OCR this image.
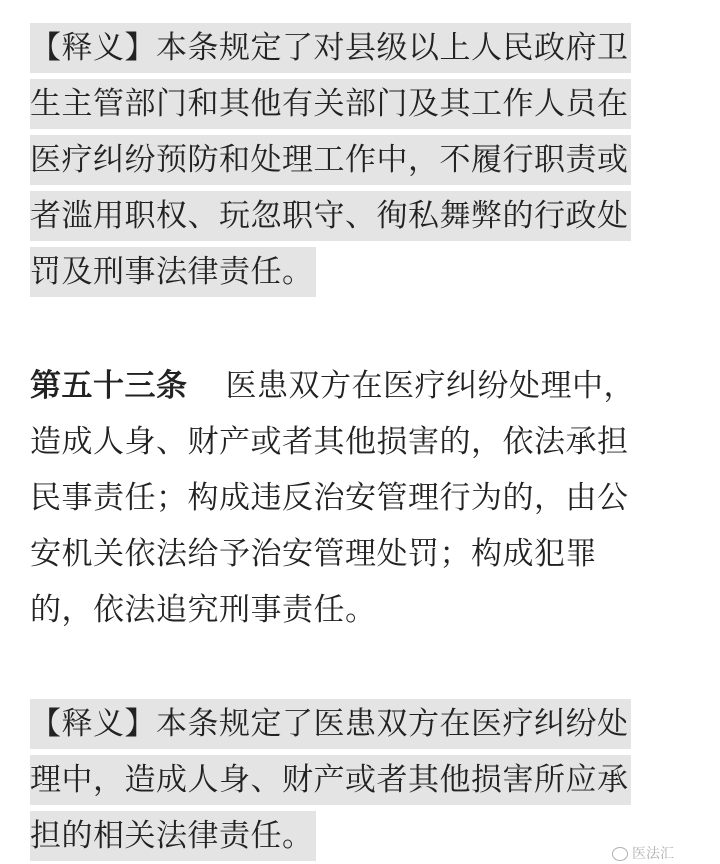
【释义】本条规定了对县级以上人民政府卫
生主管部门和其他有关部门及其工作人员在
医疗纠纷预防和处理工作中，不履行职责或
者滥用职权、玩忽职守、徇私舞弊的行政处
罚及刑事法律责任。
第五十三条 医患双方在医疗纠纷处理中，
造成人身、财产或者其他损害的，依法承担
民事责任；构成违反治安管理行为的，由公
安机关依法给予治安管理处罚；构成犯罪
的，依法追究刑事责任。
【释义】本条规定了医患双方在医疗纠纷处
理中，造成人身、财产或者其他损害所应承
担的相关法律责任。	医法汇
